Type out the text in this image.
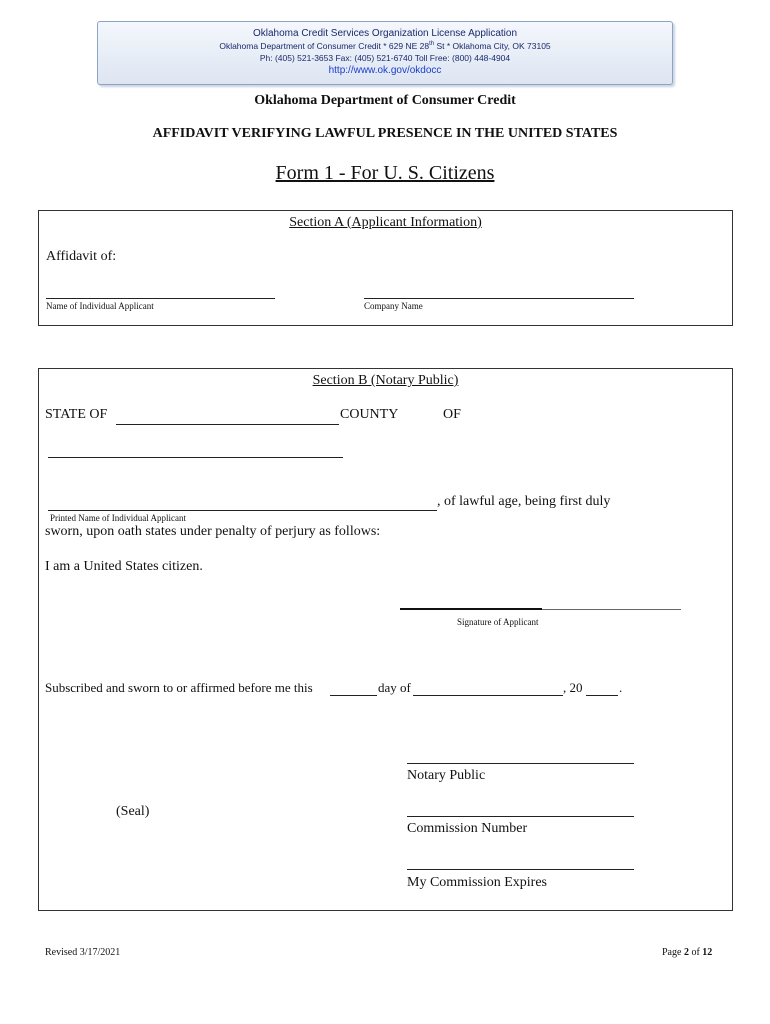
Oklahoma Credit Services Organization License Application
Oklahoma Department of Consumer Credit * 629 NE 28th St * Oklahoma City, OK 73105
Ph: (405) 521-3653 Fax: (405) 521-6740 Toll Free: (800) 448-4904
http://www.ok.gov/okdocc
Oklahoma Department of Consumer Credit
AFFIDAVIT VERIFYING LAWFUL PRESENCE IN THE UNITED STATES
Form 1 - For U. S. Citizens
Section A (Applicant Information)
Affidavit of:
Name of Individual Applicant	Company Name
Section B (Notary Public)
STATE OF	COUNTY	OF
, of lawful age, being first duly
Printed Name of Individual Applicant
sworn, upon oath states under penalty of perjury as follows:
I am a United States citizen.
Signature of Applicant
Subscribed and sworn to or affirmed before me this	day of	, 20	.
Notary Public
(Seal)
Commission Number
My Commission Expires
Revised 3/17/2021	Page 2 of 12
